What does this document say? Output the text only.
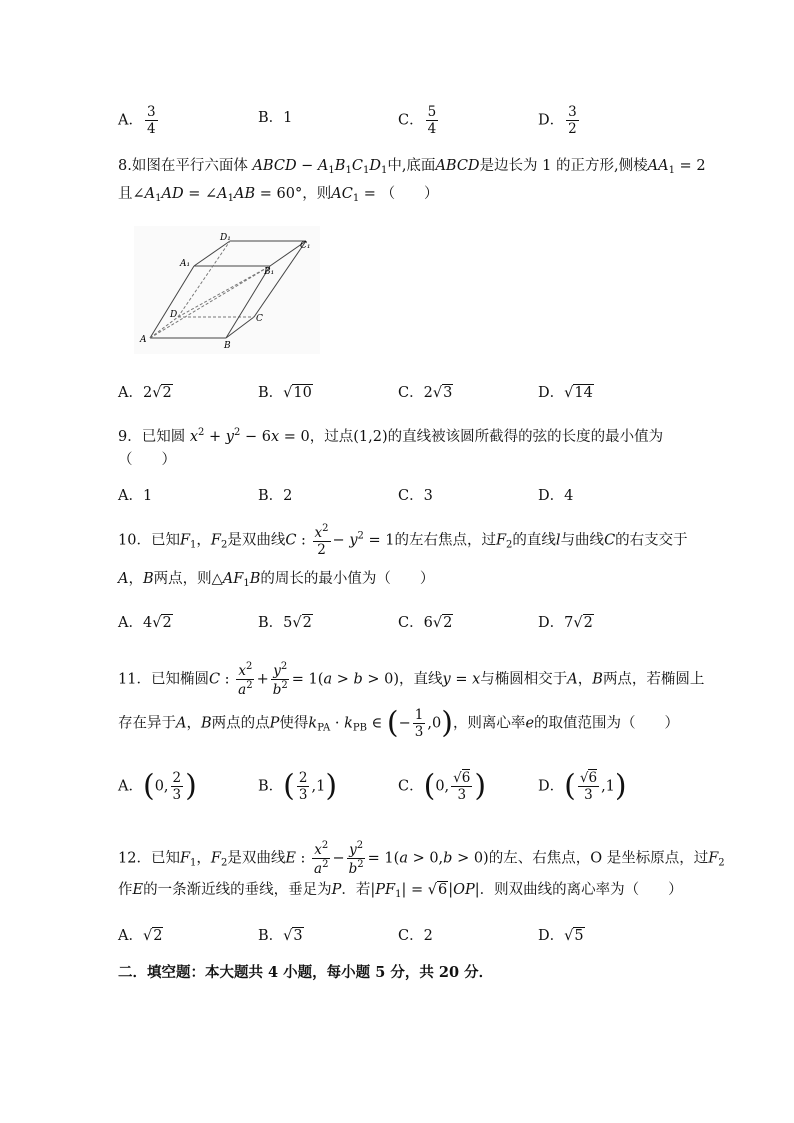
A． $\frac{3}{4}$	B．1	C． $\frac{5}{4}$	D． $\frac{3}{2}$
8.如图在平行六面体 ABCD − $A_1B_1C_1D_1$中,底面ABCD是边长为 1 的正方形,侧棱$AA_1 = 2$
且$\angle A_1AD$ = $\angle A_1AB = 60^\circ$，则$AC_1$ = （　　）
D₁
C₁
A₁
B₁
D	C
A
B
A．2√2	B．√10	C．2√3	D．√14
9．已知圆 $x^2 + y^2 - 6x = 0$，过点(1,2)的直线被该圆所截得的弦的长度的最小值为
（　　）
A．1	B．2	C．3	D．4
10．已知$F_1$，$F_2$是双曲线C : $\frac{x^2}{2} - y^2 = 1$的左右焦点，过$F_2$的直线l与曲线C的右支交于
A，B两点，则$\triangle AF_1B$的周长的最小值为（　　）
A．4√2	B．5√2	C．6√2	D．7√2
11．已知椭圆C : $\frac{x^2}{a^2} + \frac{y^2}{b^2} = 1(a > b > 0)$，直线y = x与椭圆相交于A，B两点，若椭圆上
存在异于A，B两点的点P使得$k_{PA} \cdot k_{PB}$ ∈ (− $\frac{1}{3} ,0$)，则离心率e的取值范围为（　　）
A．(0, $\frac{2}{3}$ )	B．( $\frac{2}{3} ,1$)	C．(0, $\frac{√6}{3}$ )	D．( $\frac{√6}{3} ,1$)
12．已知$F_1$，$F_2$是双曲线E : $\frac{x^2}{a^2} - \frac{y^2}{b^2} = 1(a > 0,b > 0)$的左、右焦点，O 是坐标原点，过$F_2$
作E的一条渐近线的垂线，垂足为P．若$|PF_1| = √6|OP|$．则双曲线的离心率为（　　）
A．√2	B．√3	C．2	D．√5
二．填空题：本大题共 4 小题，每小题 5 分，共 20 分．
